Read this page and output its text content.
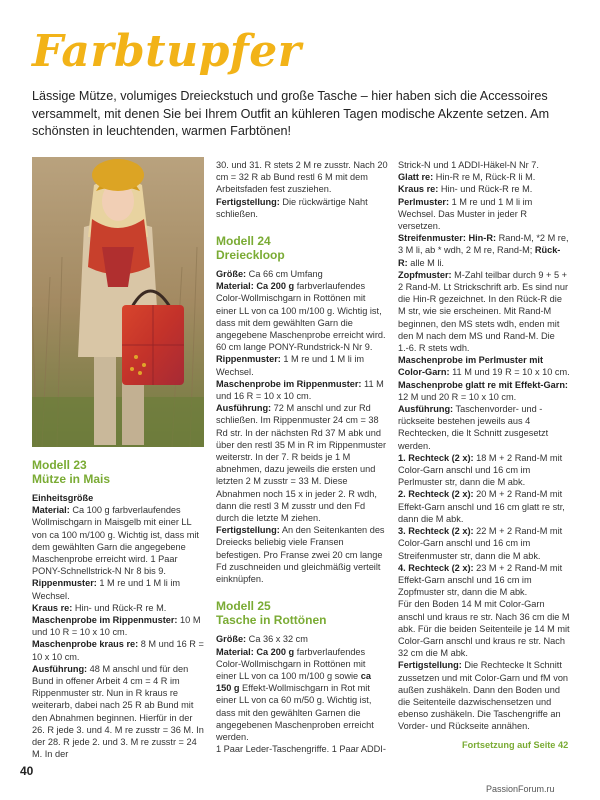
Farbtupfer
Lässige Mütze, volumiges Dreieckstuch und große Tasche – hier haben sich die Accessoires versammelt, mit denen Sie bei Ihrem Outfit an kühleren Tagen modische Akzente setzen. Am schönsten in leuchtenden, warmen Farbtönen!
Modell 23
Mütze in Mais

Einheitsgröße

Material: Ca 100 g farbverlaufendes Wollmischgarn in Maisgelb mit einer LL von ca 100 m/100 g. Wichtig ist, dass mit dem gewählten Garn die angegebene Maschenprobe erreicht wird. 1 Paar PONY-Schnellstrick-N Nr 8 bis 9.

Rippenmuster: 1 M re und 1 M li im Wechsel.

Kraus re: Hin- und Rück-R re M.

Maschenprobe im Rippenmuster: 10 M und 10 R = 10 x 10 cm.

Maschenprobe kraus re: 8 M und 16 R = 10 x 10 cm.

Ausführung: 48 M anschl und für den Bund in offener Arbeit 4 cm = 4 R im Rippenmuster str. Nun in R kraus re weiterarb, dabei nach 25 R ab Bund mit den Abnahmen beginnen. Hierfür in der 26. R jede 3. und 4. M re zusstr = 36 M. In der 28. R jede 2. und 3. M re zusstr = 24 M. In der

30. und 31. R stets 2 M re zusstr. Nach 20 cm = 32 R ab Bund restl 6 M mit dem Arbeitsfaden fest zusziehen.

Fertigstellung: Die rückwärtige Naht schließen.

Modell 24
Dreieckloop

Größe: Ca 66 cm Umfang

Material: Ca 200 g farbverlaufendes Color-Wollmischgarn in Rottönen mit einer LL von ca 100 m/100 g. Wichtig ist, dass mit dem gewählten Garn die angegebene Maschenprobe erreicht wird. 60 cm lange PONY-Rundstrick-N Nr 9.

Rippenmuster: 1 M re und 1 M li im Wechsel.

Maschenprobe im Rippenmuster: 11 M und 16 R = 10 x 10 cm.

Ausführung: 72 M anschl und zur Rd schließen. Im Rippenmuster 24 cm = 38 Rd str. In der nächsten Rd 37 M abk und über den restl 35 M in R im Rippenmuster weiterstr. In der 7. R beids je 1 M abnehmen, dazu jeweils die ersten und letzten 2 M zusstr = 33 M. Diese Abnahmen noch 15 x in jeder 2. R wdh, dann die restl 3 M zusstr und den Fd durch die letzte M ziehen.

Fertigstellung: An den Seitenkanten des Dreiecks beliebig viele Fransen befestigen. Pro Franse zwei 20 cm lange Fd zuschneiden und gleichmäßig verteilt einknüpfen.

Modell 25
Tasche in Rottönen

Größe: Ca 36 x 32 cm

Material: Ca 200 g farbverlaufendes Color-Wollmischgarn in Rottönen mit einer LL von ca 100 m/100 g sowie ca 150 g Effekt-Wollmischgarn in Rot mit einer LL von ca 60 m/50 g. Wichtig ist, dass mit den gewählten Garnen die angegebenen Maschenproben erreicht werden.

1 Paar Leder-Taschengriffe. 1 Paar ADDI-

Strick-N und 1 ADDI-Häkel-N Nr 7.

Glatt re: Hin-R re M, Rück-R li M.

Kraus re: Hin- und Rück-R re M.

Perlmuster: 1 M re und 1 M li im Wechsel. Das Muster in jeder R versetzen.

Streifenmuster: Hin-R: Rand-M, *2 M re, 3 M li, ab * wdh, 2 M re, Rand-M; Rück-R: alle M li.

Zopfmuster: M-Zahl teilbar durch 9 + 5 + 2 Rand-M. Lt Strickschrift arb. Es sind nur die Hin-R gezeichnet. In den Rück-R die M str, wie sie erscheinen. Mit Rand-M beginnen, den MS stets wdh, enden mit den M nach dem MS und Rand-M. Die 1.-6. R stets wdh.

Maschenprobe im Perlmuster mit Color-Garn: 11 M und 19 R = 10 x 10 cm.

Maschenprobe glatt re mit Effekt-Garn: 12 M und 20 R = 10 x 10 cm.

Ausführung: Taschenvorder- und -rückseite bestehen jeweils aus 4 Rechtecken, die lt Schnitt zusgesetzt werden.

1. Rechteck (2 x): 18 M + 2 Rand-M mit Color-Garn anschl und 16 cm im Perlmuster str, dann die M abk.

2. Rechteck (2 x): 20 M + 2 Rand-M mit Effekt-Garn anschl und 16 cm glatt re str, dann die M abk.

3. Rechteck (2 x): 22 M + 2 Rand-M mit Color-Garn anschl und 16 cm im Streifenmuster str, dann die M abk.

4. Rechteck (2 x): 23 M + 2 Rand-M mit Effekt-Garn anschl und 16 cm im Zopfmuster str, dann die M abk.

Für den Boden 14 M mit Color-Garn anschl und kraus re str. Nach 36 cm die M abk. Für die beiden Seitenteile je 14 M mit Color-Garn anschl und kraus re str. Nach 32 cm die M abk.

Fertigstellung: Die Rechtecke lt Schnitt zussetzen und mit Color-Garn und fM von außen zushäkeln. Dann den Boden und die Seitenteile dazwischensetzen und ebenso zushäkeln. Die Taschengriffe an Vorder- und Rückseite annähen.

Fortsetzung auf Seite 42
40
PassionForum.ru
